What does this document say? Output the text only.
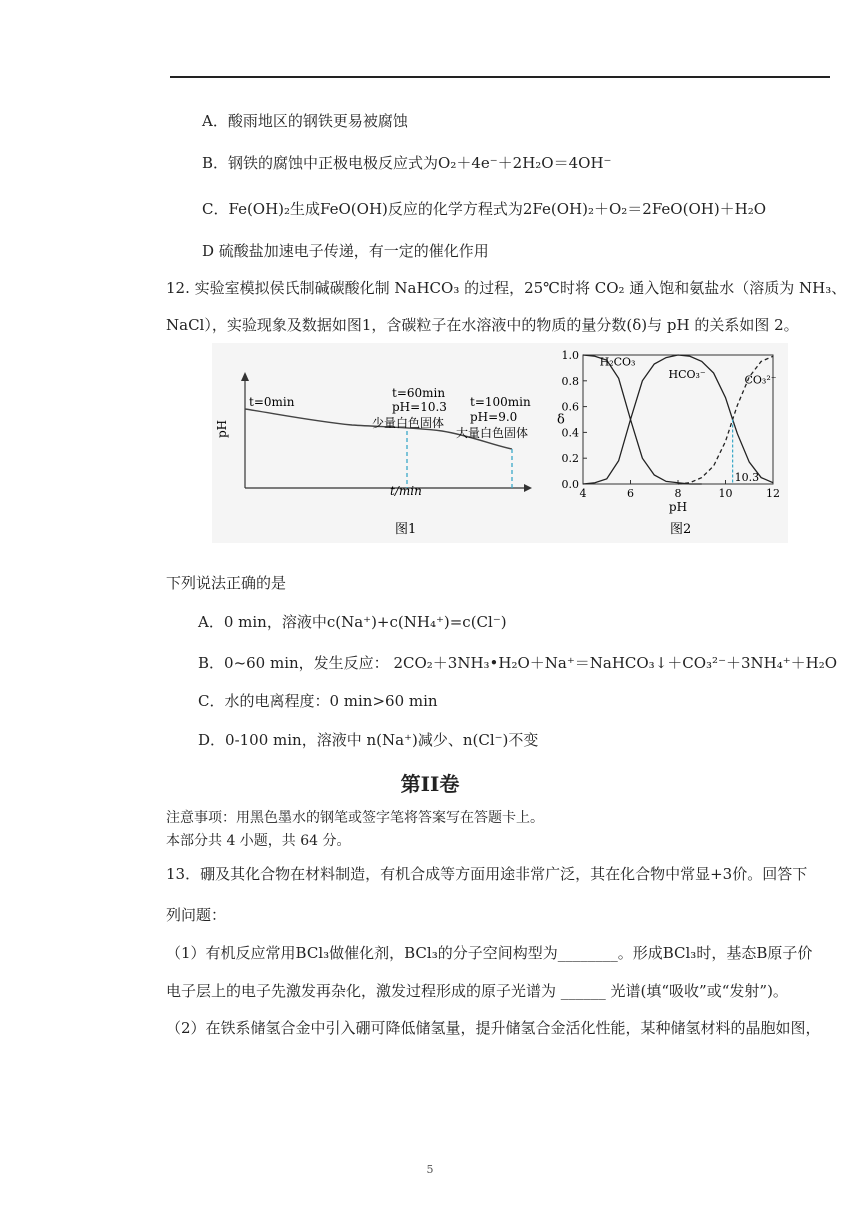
A．酸雨地区的钢铁更易被腐蚀
B．钢铁的腐蚀中正极电极反应式为O₂＋4e⁻＋2H₂O＝4OH⁻
C．Fe(OH)₂生成FeO(OH)反应的化学方程式为2Fe(OH)₂＋O₂＝2FeO(OH)＋H₂O
D 硫酸盐加速电子传递，有一定的催化作用
12. 实验室模拟侯氏制碱碳酸化制 NaHCO₃ 的过程，25℃时将 CO₂ 通入饱和氨盐水（溶质为 NH₃、
NaCl），实验现象及数据如图1，含碳粒子在水溶液中的物质的量分数(δ)与 pH 的关系如图 2。
pH
t/min
t=0min
t=60min
pH=10.3
少量白色固体
t=100min
pH=9.0
大量白色固体
图1
4	6	8	10	12
0.0
0.2
0.4
0.6
0.8
1.0
pH
δ
H₂CO₃
HCO₃⁻	CO₃²⁻
10.3
图2
下列说法正确的是
A．0 min，溶液中c(Na⁺)+c(NH₄⁺)=c(Cl⁻)
B．0~60 min，发生反应： 2CO₂＋3NH₃•H₂O＋Na⁺＝NaHCO₃↓＋CO₃²⁻＋3NH₄⁺＋H₂O
C．水的电离程度：0 min>60 min
D．0-100 min，溶液中 n(Na⁺)减少、n(Cl⁻)不变
第II卷
注意事项：用黑色墨水的钢笔或签字笔将答案写在答题卡上。
本部分共 4 小题，共 64 分。
13．硼及其化合物在材料制造，有机合成等方面用途非常广泛，其在化合物中常显+3价。回答下
列问题：
（1）有机反应常用BCl₃做催化剂，BCl₃的分子空间构型为________。形成BCl₃时，基态B原子价
电子层上的电子先激发再杂化，激发过程形成的原子光谱为 ______ 光谱(填“吸收”或“发射”)。
（2）在铁系储氢合金中引入硼可降低储氢量，提升储氢合金活化性能，某种储氢材料的晶胞如图，
5
